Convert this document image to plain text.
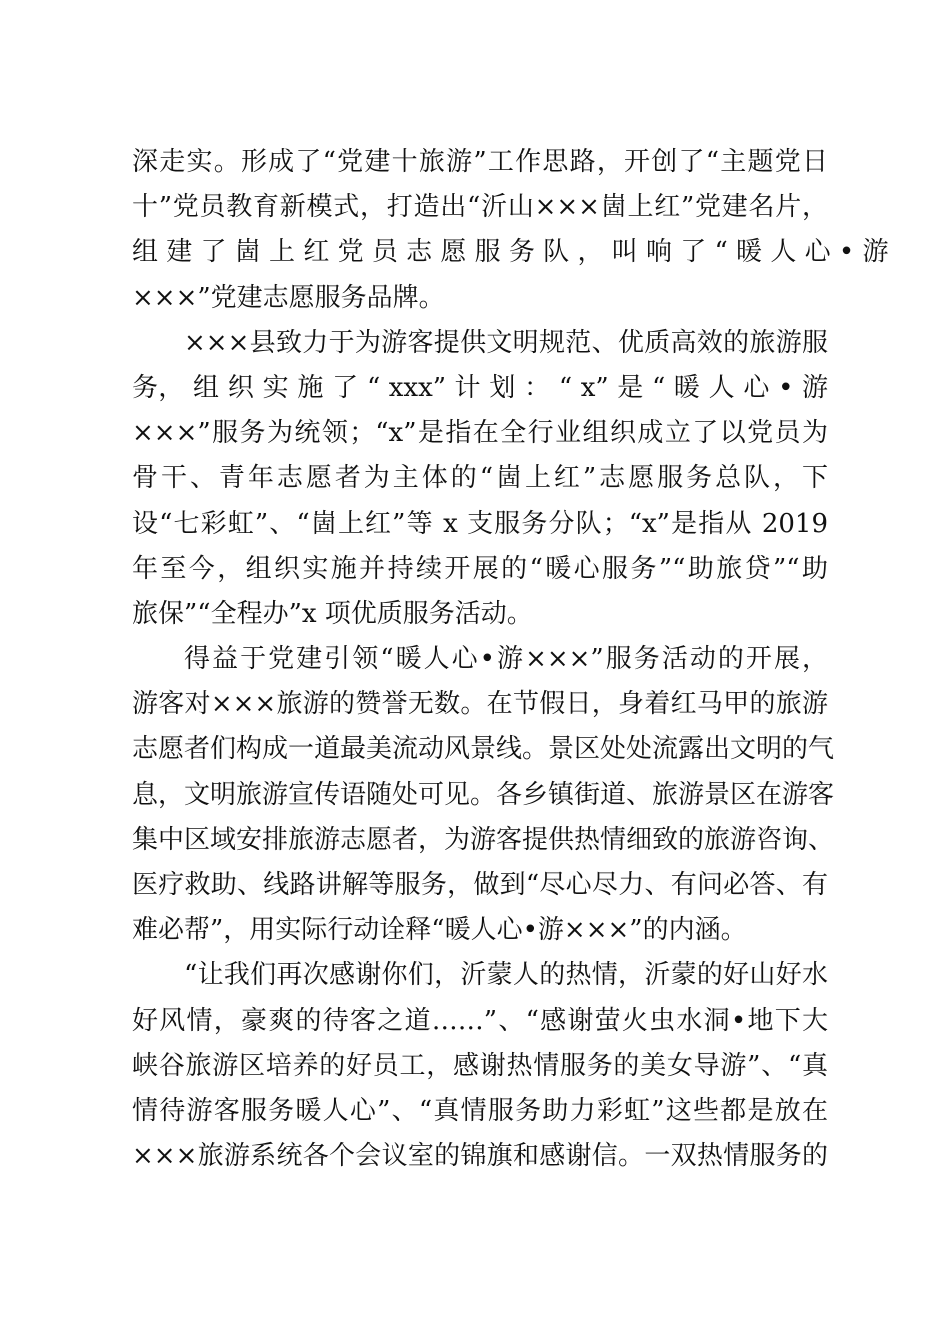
深走实。形成了“党建十旅游”工作思路，开创了“主题党日
十”党员教育新模式，打造出“沂山×××崮上红”党建名片，
组 建 了 崮 上 红 党 员 志 愿 服 务 队 ， 叫 响 了 “ 暖 人 心 • 游
×××”党建志愿服务品牌。
×××县致力于为游客提供文明规范、优质高效的旅游服
务， 组 织 实 施 了 “ xxx” 计 划 ： “ x” 是 “ 暖 人 心 • 游
×××”服务为统领；“x”是指在全行业组织成立了以党员为
骨干、青年志愿者为主体的“崮上红”志愿服务总队，下
设“七彩虹”、“崮上红”等 x 支服务分队；“x”是指从 2019
年至今，组织实施并持续开展的“暖心服务”“助旅贷”“助
旅保”“全程办”x 项优质服务活动。
得益于党建引领“暖人心•游×××”服务活动的开展，
游客对×××旅游的赞誉无数。在节假日，身着红马甲的旅游
志愿者们构成一道最美流动风景线。景区处处流露出文明的气
息，文明旅游宣传语随处可见。各乡镇街道、旅游景区在游客
集中区域安排旅游志愿者，为游客提供热情细致的旅游咨询、
医疗救助、线路讲解等服务，做到“尽心尽力、有问必答、有
难必帮”，用实际行动诠释“暖人心•游×××”的内涵。
“让我们再次感谢你们，沂蒙人的热情，沂蒙的好山好水
好风情，豪爽的待客之道……”、“感谢萤火虫水洞•地下大
峡谷旅游区培养的好员工，感谢热情服务的美女导游”、“真
情待游客服务暖人心”、“真情服务助力彩虹”这些都是放在
×××旅游系统各个会议室的锦旗和感谢信。一双热情服务的
